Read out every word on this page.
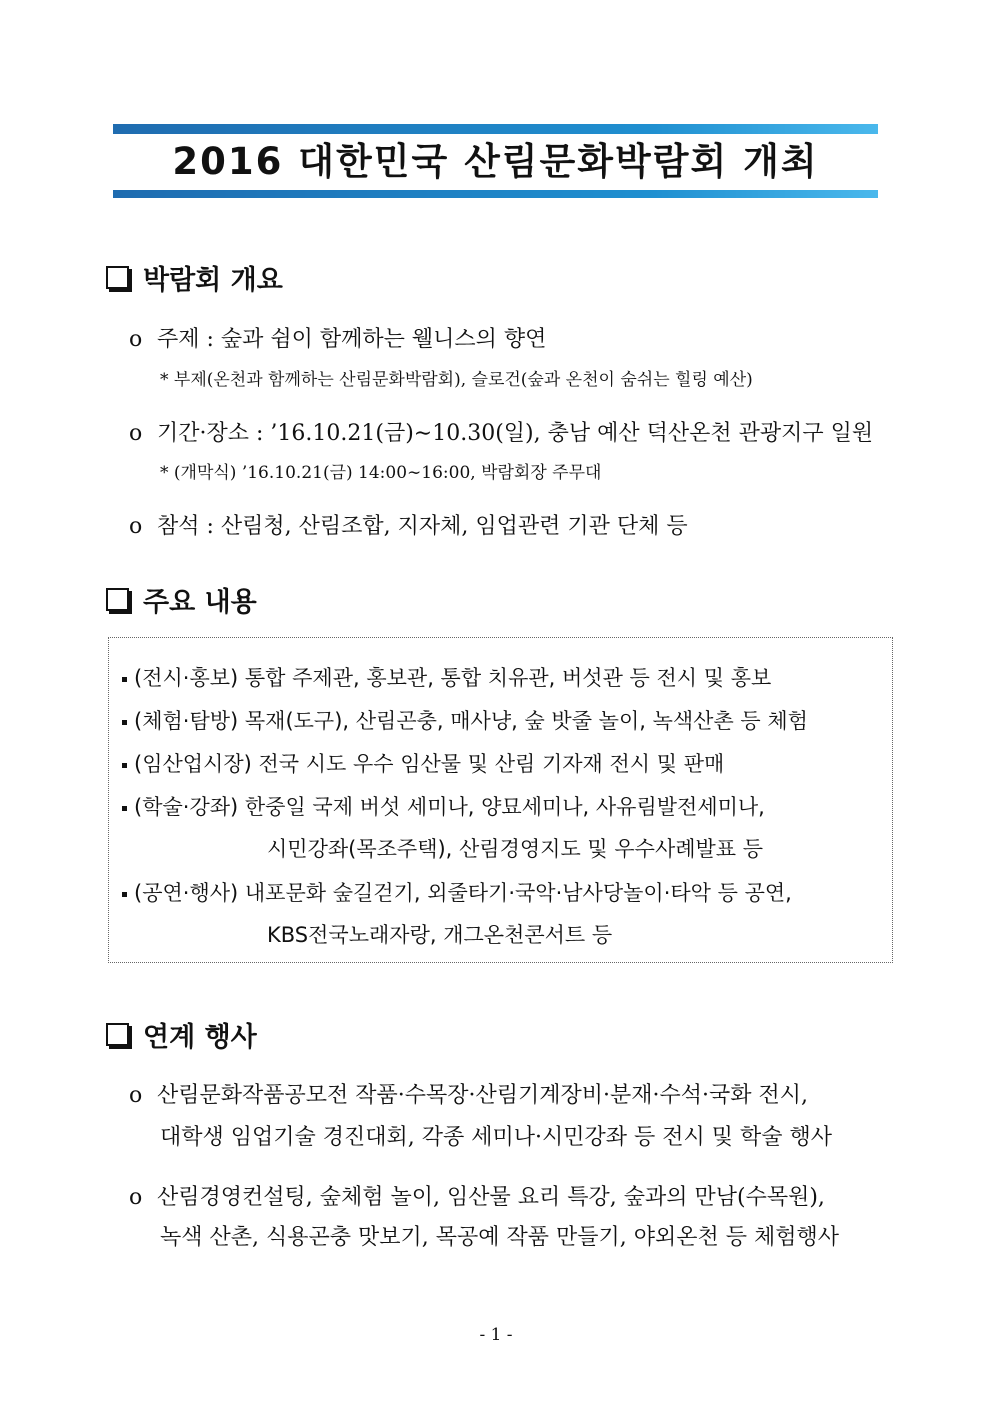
2016 대한민국 산림문화박람회 개최
박람회 개요
o 주제 : 숲과 쉼이 함께하는 웰니스의 향연
* 부제(온천과 함께하는 산림문화박람회), 슬로건(숲과 온천이 숨쉬는 힐링 예산)
o 기간·장소 : ’16.10.21(금)∼10.30(일), 충남 예산 덕산온천 관광지구 일원
* (개막식) ’16.10.21(금) 14:00∼16:00, 박람회장 주무대
o 참석 : 산림청, 산림조합, 지자체, 임업관련 기관 단체 등
주요 내용
(전시·홍보) 통합 주제관, 홍보관, 통합 치유관, 버섯관 등 전시 및 홍보
(체험·탐방) 목재(도구), 산림곤충, 매사냥, 숲 밧줄 놀이, 녹색산촌 등 체험
(임산업시장) 전국 시도 우수 임산물 및 산림 기자재 전시 및 판매
(학술·강좌) 한중일 국제 버섯 세미나, 양묘세미나, 사유림발전세미나,
시민강좌(목조주택), 산림경영지도 및 우수사례발표 등
(공연·행사) 내포문화 숲길걷기, 외줄타기·국악·남사당놀이·타악 등 공연,
KBS전국노래자랑, 개그온천콘서트 등
연계 행사
o 산림문화작품공모전 작품·수목장·산림기계장비·분재·수석·국화 전시,
대학생 임업기술 경진대회, 각종 세미나·시민강좌 등 전시 및 학술 행사
o 산림경영컨설팅, 숲체험 놀이, 임산물 요리 특강, 숲과의 만남(수목원),
녹색 산촌, 식용곤충 맛보기, 목공예 작품 만들기, 야외온천 등 체험행사
- 1 -
